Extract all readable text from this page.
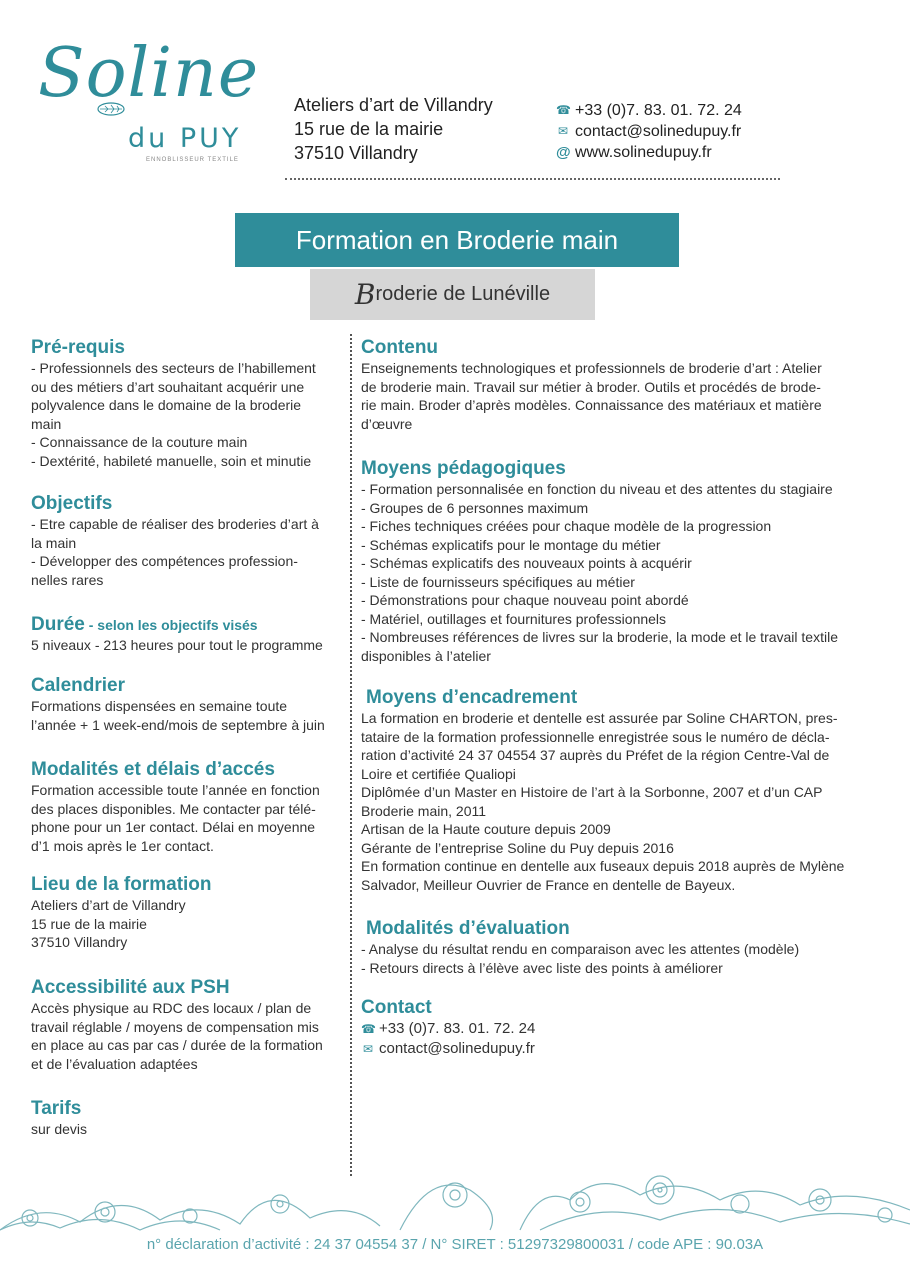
Soline
du PUY
ENNOBLISSEUR TEXTILE
Ateliers d’art de Villandry
15 rue de la mairie
37510 Villandry
☎ +33 (0)7. 83. 01. 72. 24
✉ contact@solinedupuy.fr
@ www.solinedupuy.fr
Formation en Broderie main
B roderie de Lunéville
Pré-requis

- Professionnels des secteurs de l’habillement

ou des métiers d’art souhaitant acquérir une

polyvalence dans le domaine de la broderie

main

- Connaissance de la couture main

- Dextérité, habileté manuelle, soin et minutie

Objectifs

- Etre capable de réaliser des broderies d’art à

la main

- Développer des compétences profession-

nelles rares

Durée - selon les objectifs visés

5 niveaux - 213 heures pour tout le programme

Calendrier

Formations dispensées en semaine toute

l’année + 1 week-end/mois de septembre à juin

Modalités et délais d’accés

Formation accessible toute l’année en fonction

des places disponibles. Me contacter par télé-

phone pour un 1er contact. Délai en moyenne

d’1 mois après le 1er contact.

Lieu de la formation

Ateliers d’art de Villandry

15 rue de la mairie

37510 Villandry

Accessibilité aux PSH

Accès physique au RDC des locaux / plan de

travail réglable / moyens de compensation mis

en place au cas par cas / durée de la formation

et de l’évaluation adaptées

Tarifs

sur devis

Contenu

Enseignements technologiques et professionnels de broderie d’art : Atelier

de broderie main. Travail sur métier à broder. Outils et procédés de brode-

rie main. Broder d’après modèles. Connaissance des matériaux et matière

d’œuvre

Moyens pédagogiques

- Formation personnalisée en fonction du niveau et des attentes du stagiaire

- Groupes de 6 personnes maximum

- Fiches techniques créées pour chaque modèle de la progression

- Schémas explicatifs pour le montage du métier

- Schémas explicatifs des nouveaux points à acquérir

- Liste de fournisseurs spécifiques au métier

- Démonstrations pour chaque nouveau point abordé

- Matériel, outillages et fournitures professionnels

- Nombreuses références de livres sur la broderie, la mode et le travail textile

disponibles à l’atelier

Moyens d’encadrement

La formation en broderie et dentelle est assurée par Soline CHARTON, pres-

tataire de la formation professionnelle enregistrée sous le numéro de décla-

ration d’activité 24 37 04554 37 auprès du Préfet de la région Centre-Val de

Loire et certifiée Qualiopi

Diplômée d’un Master en Histoire de l’art à la Sorbonne, 2007 et d’un CAP

Broderie main, 2011

Artisan de la Haute couture depuis 2009

Gérante de l’entreprise Soline du Puy depuis 2016

En formation continue en dentelle aux fuseaux depuis 2018 auprès de Mylène

Salvador, Meilleur Ouvrier de France en dentelle de Bayeux.

Modalités d’évaluation

- Analyse du résultat rendu en comparaison avec les attentes (modèle)

- Retours directs à l’élève avec liste des points à améliorer

Contact
☎ +33 (0)7. 83. 01. 72. 24
✉ contact@solinedupuy.fr
n° déclaration d’activité : 24 37 04554 37 / N° SIRET : 51297329800031 / code APE : 90.03A
